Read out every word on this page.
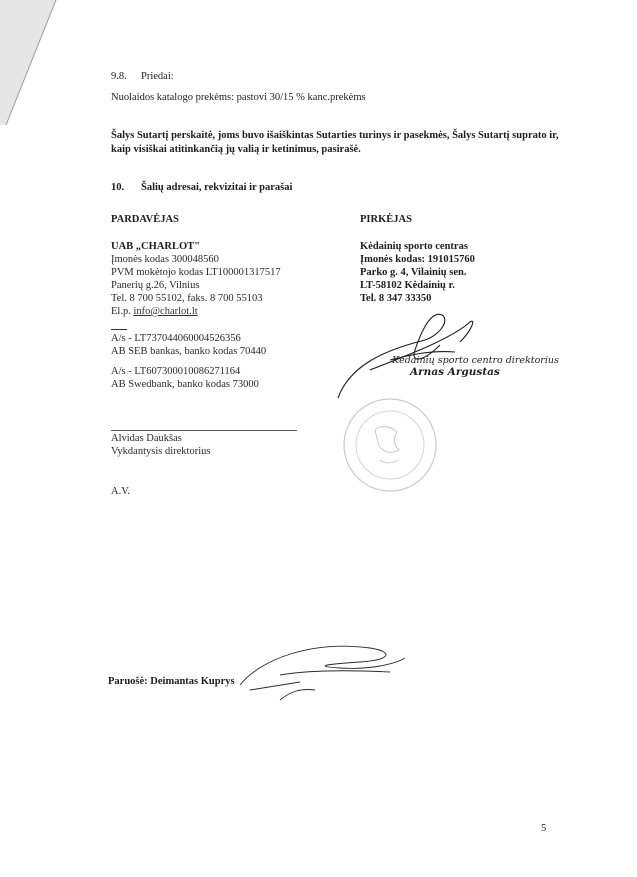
9.8. Priedai:
Nuolaidos katalogo prekėms: pastovi 30/15 % kanc.prekėms
Šalys Sutartį perskaitė, joms buvo išaiškintas Sutarties turinys ir pasekmės, Šalys Sutartį suprato ir, kaip visiškai atitinkančią jų valią ir ketinimus, pasirašė.
10. Šalių adresai, rekvizitai ir parašai
PARDAVĖJAS
UAB „CHARLOT"
Įmonės kodas 300048560
PVM mokėtojo kodas LT100001317517
Panerių g.26, Vilnius
Tel. 8 700 55102, faks. 8 700 55103
El.p. info@charlot.lt
A/s - LT737044060004526356
AB SEB bankas, banko kodas 70440
A/s - LT607300010086271164
AB Swedbank, banko kodas 73000
Alvidas Daukšas
Vykdantysis direktorius
A.V.
PIRKĖJAS
Kėdainių sporto centras
Įmonės kodas: 191015760
Parko g. 4, Vilainių sen.
LT-58102 Kėdainių r.
Tel. 8 347 33350
Kėdainių sporto centro direktorius
Arnas Argustas
Paruošė: Deimantas Kuprys
5
